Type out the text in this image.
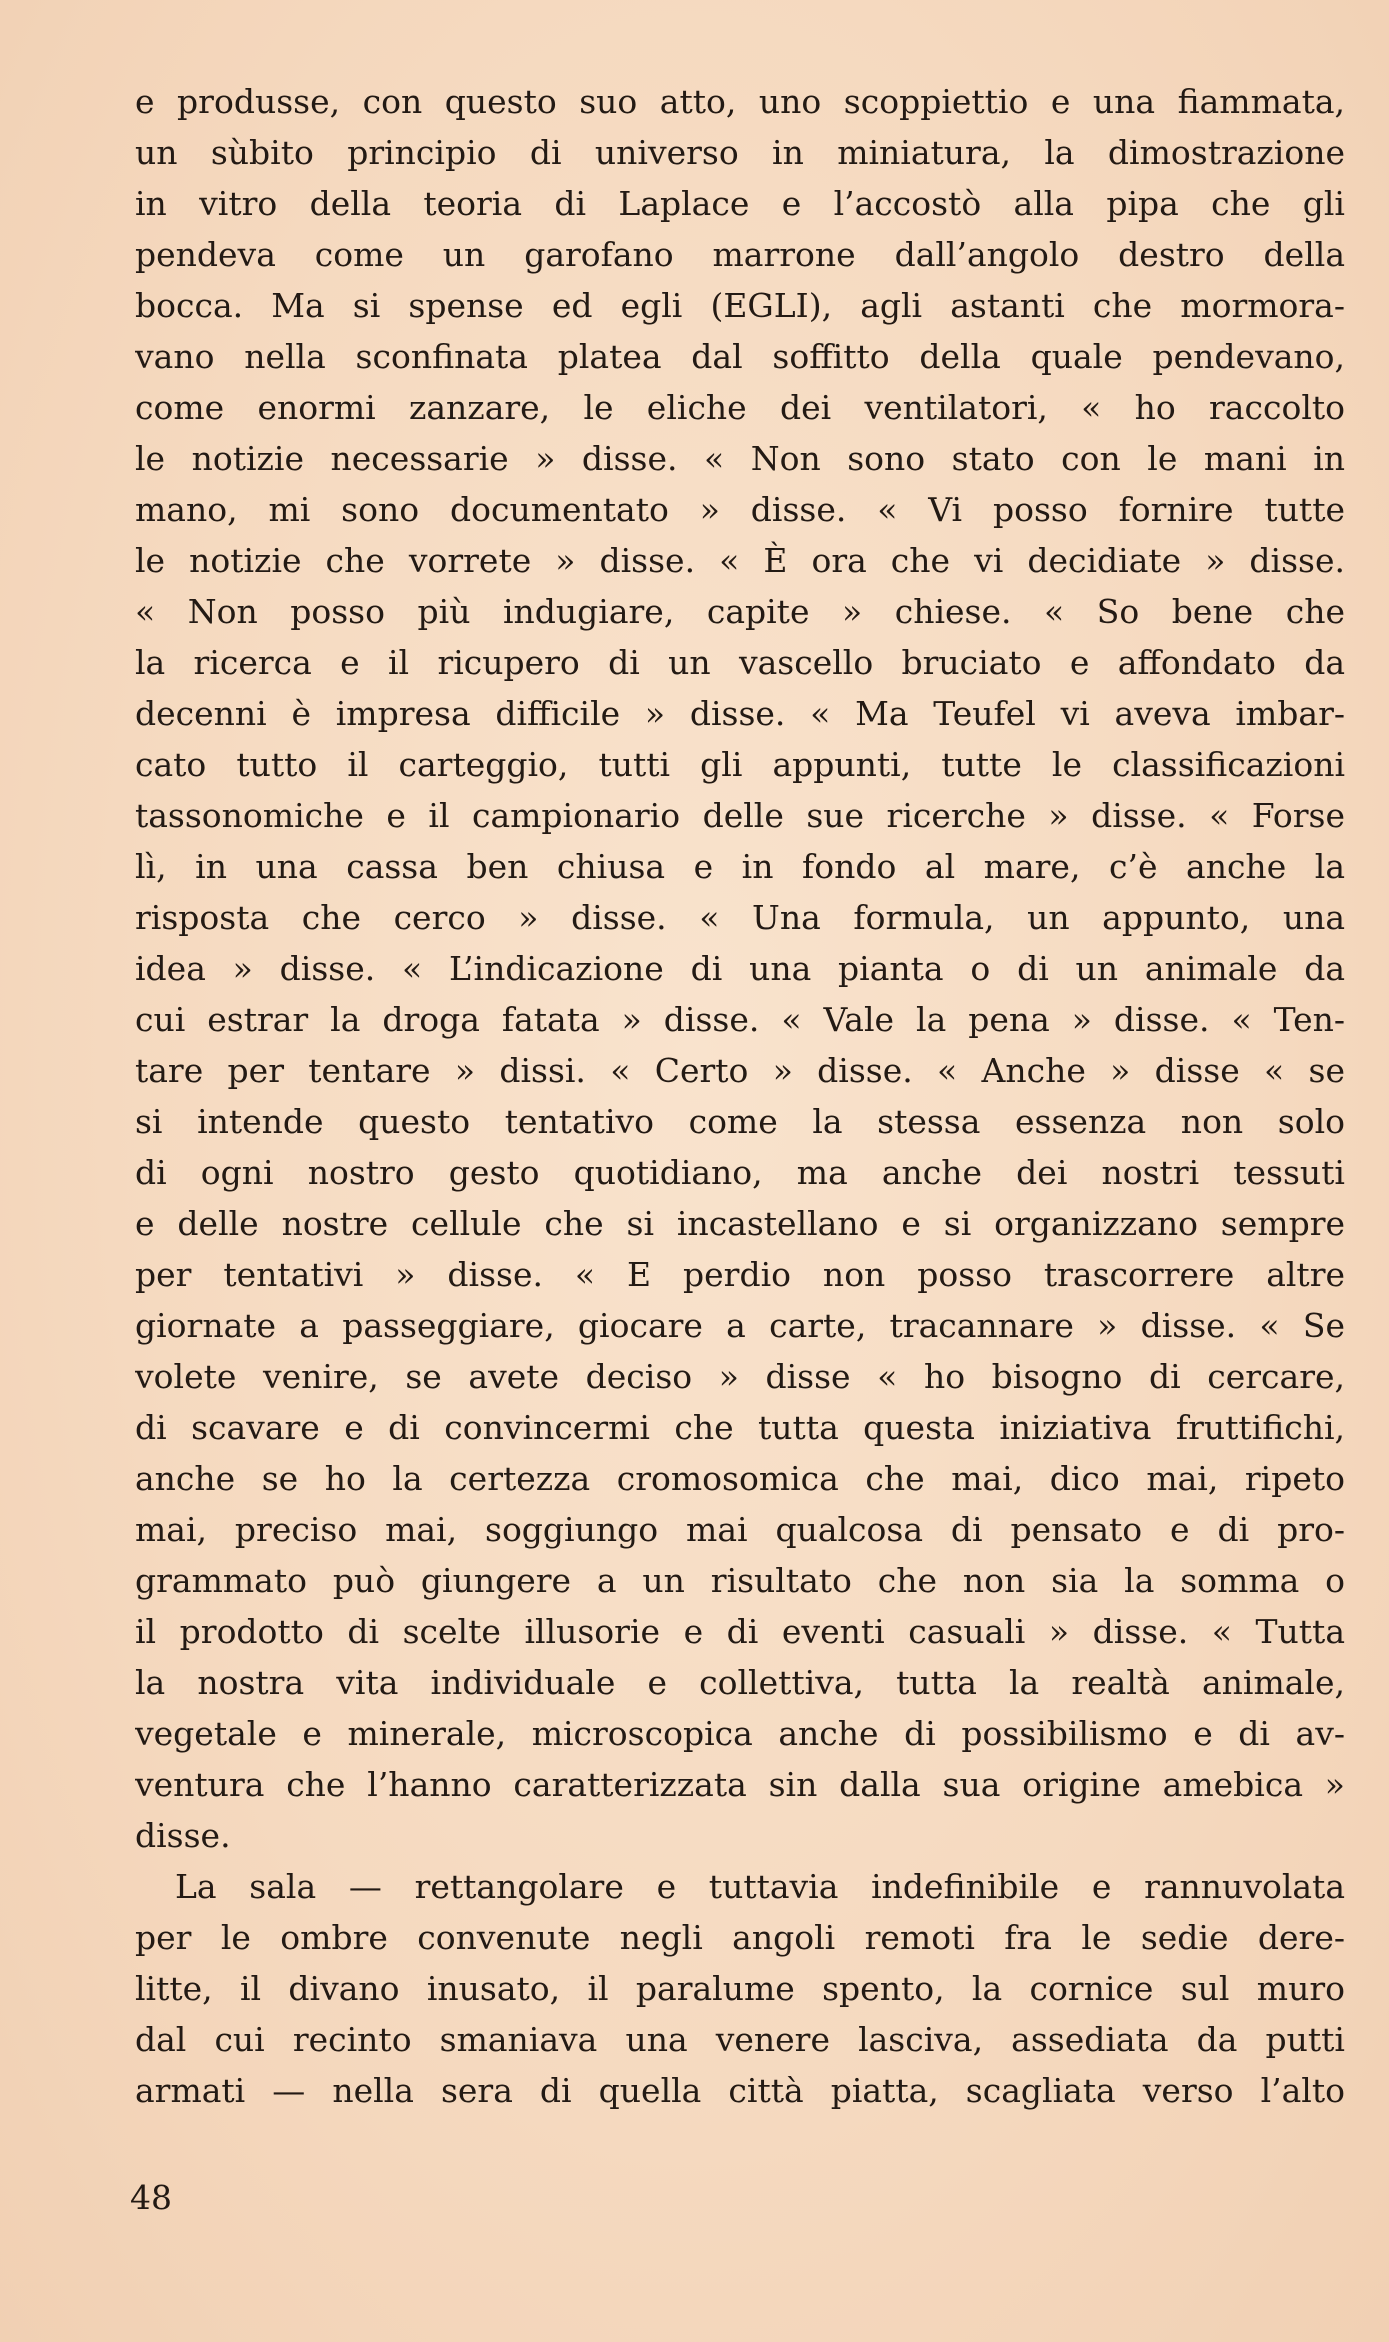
e produsse, con questo suo atto, uno scoppiettio e una fiammata,
un sùbito principio di universo in miniatura, la dimostrazione
in vitro della teoria di Laplace e l’accostò alla pipa che gli
pendeva come un garofano marrone dall’angolo destro della
bocca. Ma si spense ed egli (EGLI), agli astanti che mormora-
vano nella sconfinata platea dal soffitto della quale pendevano,
come enormi zanzare, le eliche dei ventilatori, « ho raccolto
le notizie necessarie » disse. « Non sono stato con le mani in
mano, mi sono documentato » disse. « Vi posso fornire tutte
le notizie che vorrete » disse. « È ora che vi decidiate » disse.
« Non posso più indugiare, capite » chiese. « So bene che
la ricerca e il ricupero di un vascello bruciato e affondato da
decenni è impresa difficile » disse. « Ma Teufel vi aveva imbar-
cato tutto il carteggio, tutti gli appunti, tutte le classificazioni
tassonomiche e il campionario delle sue ricerche » disse. « Forse
lì, in una cassa ben chiusa e in fondo al mare, c’è anche la
risposta che cerco » disse. « Una formula, un appunto, una
idea » disse. « L’indicazione di una pianta o di un animale da
cui estrar la droga fatata » disse. « Vale la pena » disse. « Ten-
tare per tentare » dissi. « Certo » disse. « Anche » disse « se
si intende questo tentativo come la stessa essenza non solo
di ogni nostro gesto quotidiano, ma anche dei nostri tessuti
e delle nostre cellule che si incastellano e si organizzano sempre
per tentativi » disse. « E perdio non posso trascorrere altre
giornate a passeggiare, giocare a carte, tracannare » disse. « Se
volete venire, se avete deciso » disse « ho bisogno di cercare,
di scavare e di convincermi che tutta questa iniziativa fruttifichi,
anche se ho la certezza cromosomica che mai, dico mai, ripeto
mai, preciso mai, soggiungo mai qualcosa di pensato e di pro-
grammato può giungere a un risultato che non sia la somma o
il prodotto di scelte illusorie e di eventi casuali » disse. « Tutta
la nostra vita individuale e collettiva, tutta la realtà animale,
vegetale e minerale, microscopica anche di possibilismo e di av-
ventura che l’hanno caratterizzata sin dalla sua origine amebica »
disse.
La sala — rettangolare e tuttavia indefinibile e rannuvolata
per le ombre convenute negli angoli remoti fra le sedie dere-
litte, il divano inusato, il paralume spento, la cornice sul muro
dal cui recinto smaniava una venere lasciva, assediata da putti
armati — nella sera di quella città piatta, scagliata verso l’alto
48
